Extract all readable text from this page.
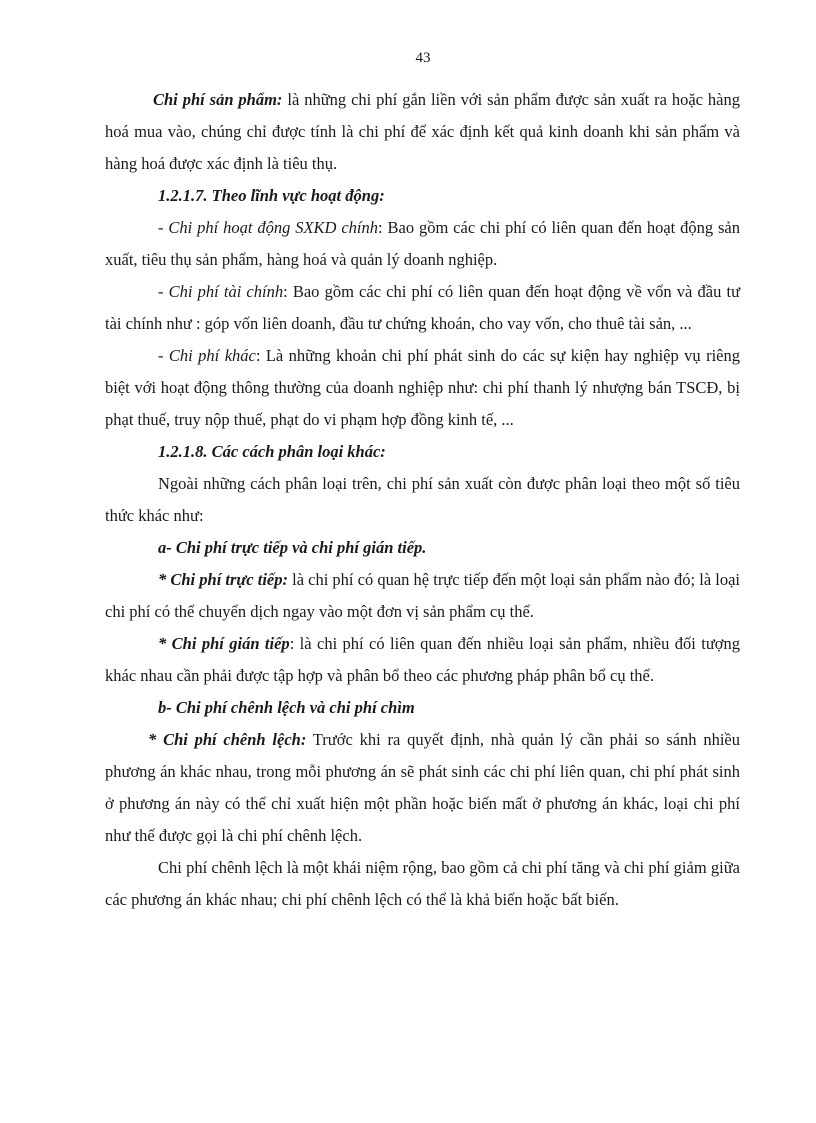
43

Chi phí sản phẩm: là những chi phí gắn liền với sản phẩm được sản xuất ra hoặc hàng hoá mua vào, chúng chỉ được tính là chi phí để xác định kết quả kinh doanh khi sản phẩm và hàng hoá được xác định là tiêu thụ.

1.2.1.7. Theo lĩnh vực hoạt động:

- Chi phí hoạt động SXKD chính: Bao gồm các chi phí có liên quan đến hoạt động sản xuất, tiêu thụ sản phẩm, hàng hoá và quản lý doanh nghiệp.

- Chi phí tài chính: Bao gồm các chi phí có liên quan đến hoạt động về vốn và đầu tư tài chính như : góp vốn liên doanh, đầu tư chứng khoán, cho vay vốn, cho thuê tài sản, ...

- Chi phí khác: Là những khoản chi phí phát sinh do các sự kiện hay nghiệp vụ riêng biệt với hoạt động thông thường của doanh nghiệp như: chi phí thanh lý nhượng bán TSCĐ, bị phạt thuế, truy nộp thuế, phạt do vi phạm hợp đồng kinh tế, ...

1.2.1.8. Các cách phân loại khác:

Ngoài những cách phân loại trên, chi phí sản xuất còn được phân loại theo một số tiêu thức khác như:

a- Chi phí trực tiếp và chi phí gián tiếp.

* Chi phí trực tiếp: là chi phí có quan hệ trực tiếp đến một loại sản phẩm nào đó; là loại chi phí có thể chuyển dịch ngay vào một đơn vị sản phẩm cụ thể.

* Chi phí gián tiếp: là chi phí có liên quan đến nhiều loại sản phẩm, nhiều đối tượng khác nhau cần phải được tập hợp và phân bổ theo các phương pháp phân bổ cụ thể.

b- Chi phí chênh lệch và chi phí chìm

* Chi phí chênh lệch: Trước khi ra quyết định, nhà quản lý cần phải so sánh nhiều phương án khác nhau, trong mỗi phương án sẽ phát sinh các chi phí liên quan, chi phí phát sinh ở phương án này có thể chỉ xuất hiện một phần hoặc biến mất ở phương án khác, loại chi phí như thế được gọi là chi phí chênh lệch.

Chi phí chênh lệch là một khái niệm rộng, bao gồm cả chi phí tăng và chi phí giảm giữa các phương án khác nhau; chi phí chênh lệch có thể là khả biến hoặc bất biến.
